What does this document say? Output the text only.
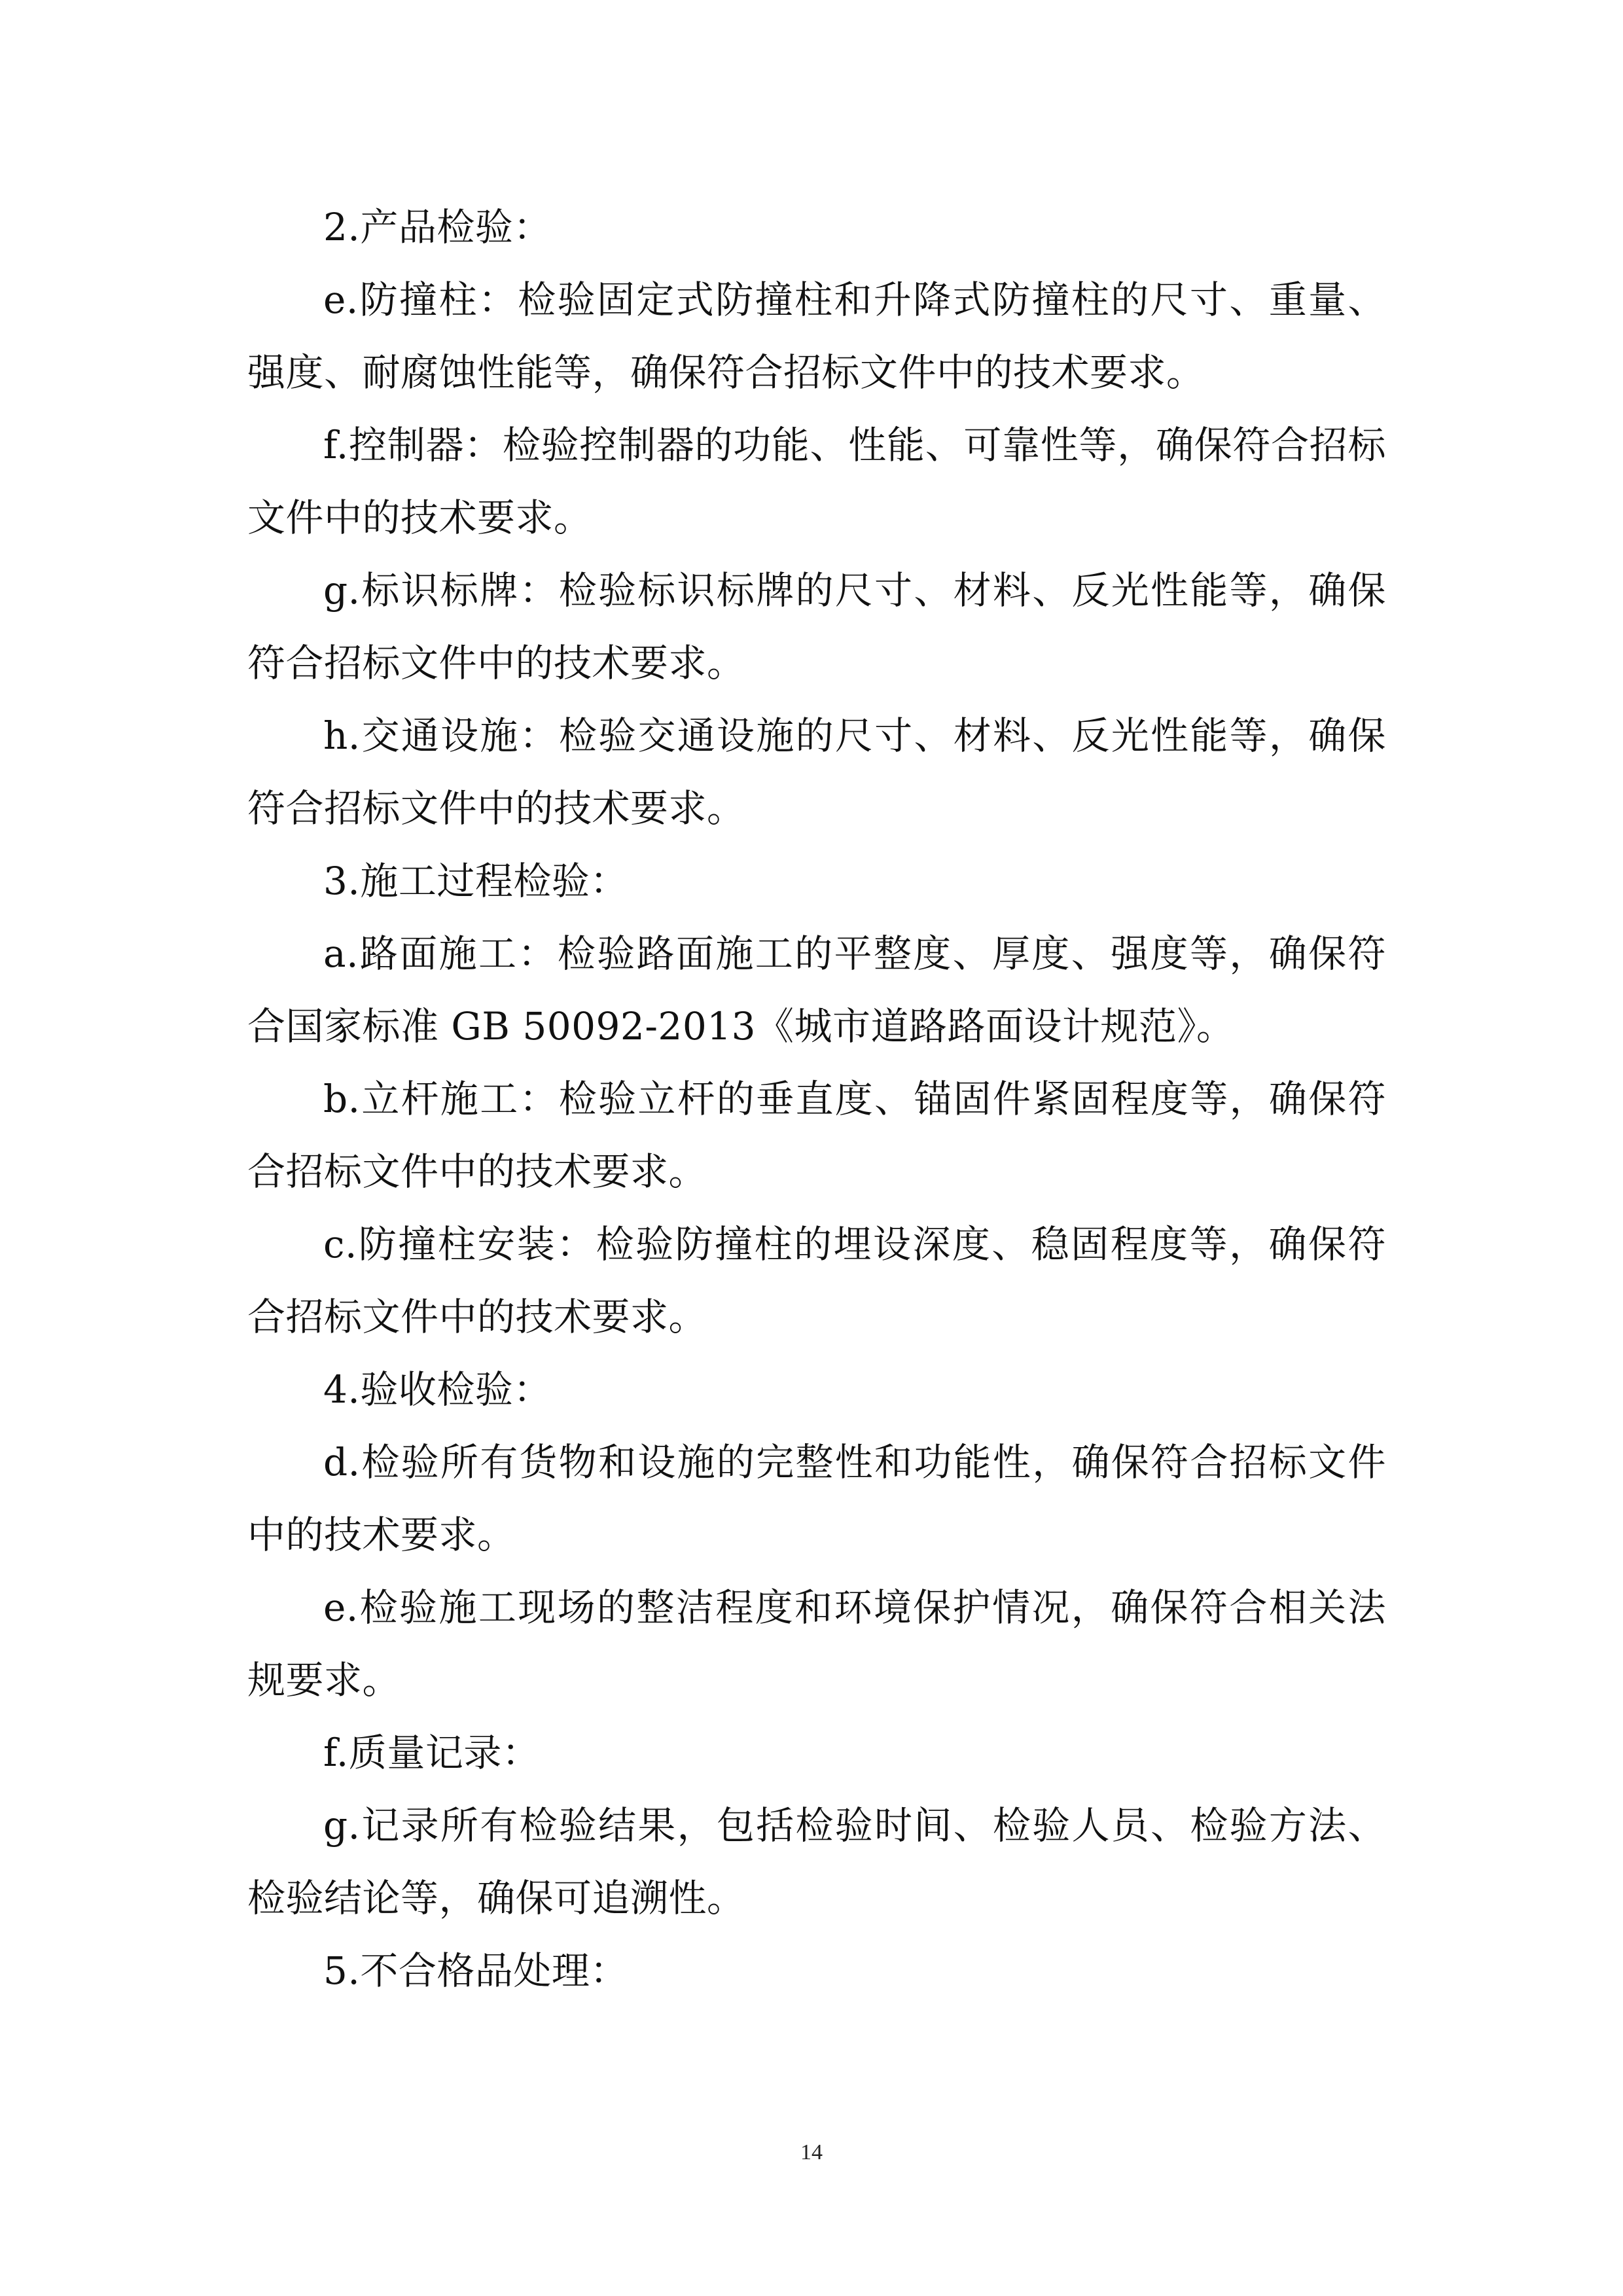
2.产品检验：

e.防撞柱：检验固定式防撞柱和升降式防撞柱的尺寸、重量、强度、耐腐蚀性能等，确保符合招标文件中的技术要求。

f.控制器：检验控制器的功能、性能、可靠性等，确保符合招标文件中的技术要求。

g.标识标牌：检验标识标牌的尺寸、材料、反光性能等，确保符合招标文件中的技术要求。

h.交通设施：检验交通设施的尺寸、材料、反光性能等，确保符合招标文件中的技术要求。

3.施工过程检验：

a.路面施工：检验路面施工的平整度、厚度、强度等，确保符合国家标准 GB 50092-2013《城市道路路面设计规范》。

b.立杆施工：检验立杆的垂直度、锚固件紧固程度等，确保符合招标文件中的技术要求。

c.防撞柱安装：检验防撞柱的埋设深度、稳固程度等，确保符合招标文件中的技术要求。

4.验收检验：

d.检验所有货物和设施的完整性和功能性，确保符合招标文件中的技术要求。

e.检验施工现场的整洁程度和环境保护情况，确保符合相关法规要求。

f.质量记录：

g.记录所有检验结果，包括检验时间、检验人员、检验方法、检验结论等，确保可追溯性。

5.不合格品处理：

14
